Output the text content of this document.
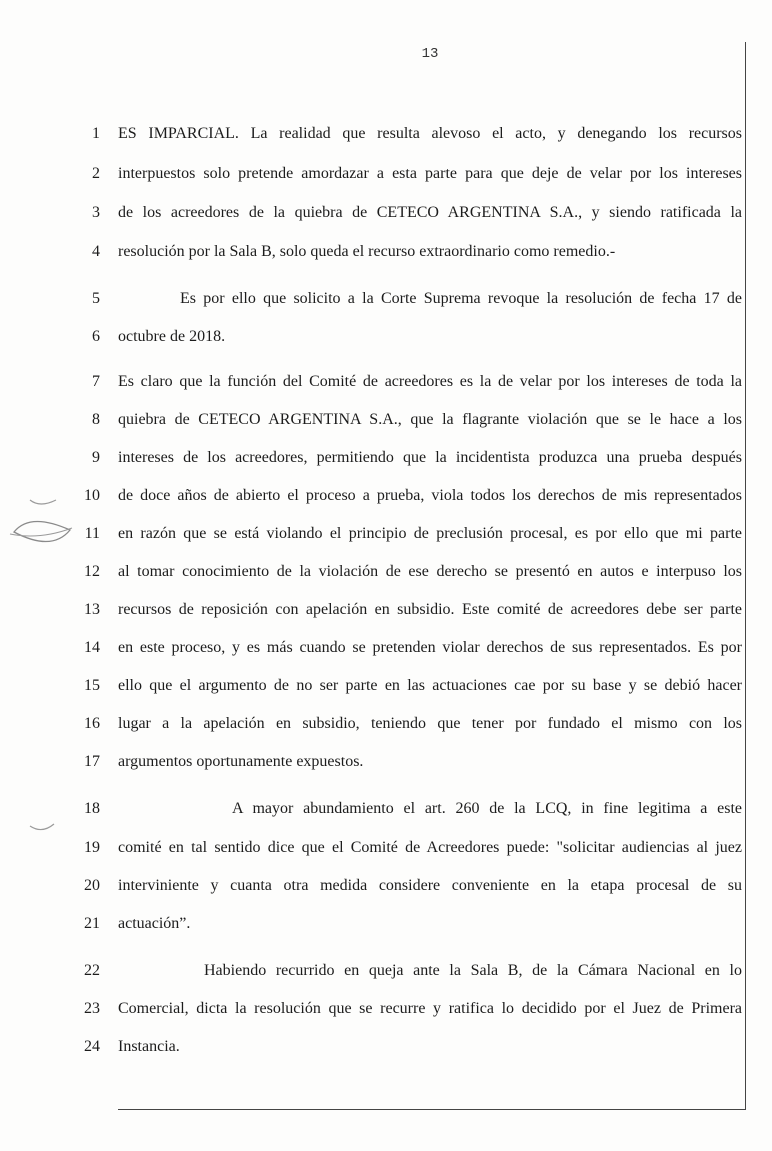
13
1
2
3
4
5
6
7
8
9
10
11
12
13
14
15
16
17
18
19
20
21
22
23
24
ES IMPARCIAL. La realidad que resulta alevoso el acto, y denegando los recursos
interpuestos solo pretende amordazar a esta parte para que deje de velar por los intereses
de los acreedores de la quiebra de CETECO ARGENTINA S.A., y siendo ratificada la
resolución por la Sala B, solo queda el recurso extraordinario como remedio.-
Es por ello que solicito a la Corte Suprema revoque la resolución de fecha 17 de
octubre de 2018.
Es claro que la función del Comité de acreedores es la de velar por los intereses de toda la
quiebra de CETECO ARGENTINA S.A., que la flagrante violación que se le hace a los
intereses de los acreedores, permitiendo que la incidentista produzca una prueba después
de doce años de abierto el proceso a prueba, viola todos los derechos de mis representados
en razón que se está violando el principio de preclusión procesal, es por ello que mi parte
al tomar conocimiento de la violación de ese derecho se presentó en autos e interpuso los
recursos de reposición con apelación en subsidio. Este comité de acreedores debe ser parte
en este proceso, y es más cuando se pretenden violar derechos de sus representados. Es por
ello que el argumento de no ser parte en las actuaciones cae por su base y se debió hacer
lugar a la apelación en subsidio, teniendo que tener por fundado el mismo con los
argumentos oportunamente expuestos.
A mayor abundamiento el art. 260 de la LCQ, in fine legitima a este
comité en tal sentido dice que el Comité de Acreedores puede: "solicitar audiencias al juez
interviniente y cuanta otra medida considere conveniente en la etapa procesal de su
actuación”.
Habiendo recurrido en queja ante la Sala B, de la Cámara Nacional en lo
Comercial, dicta la resolución que se recurre y ratifica lo decidido por el Juez de Primera
Instancia.
